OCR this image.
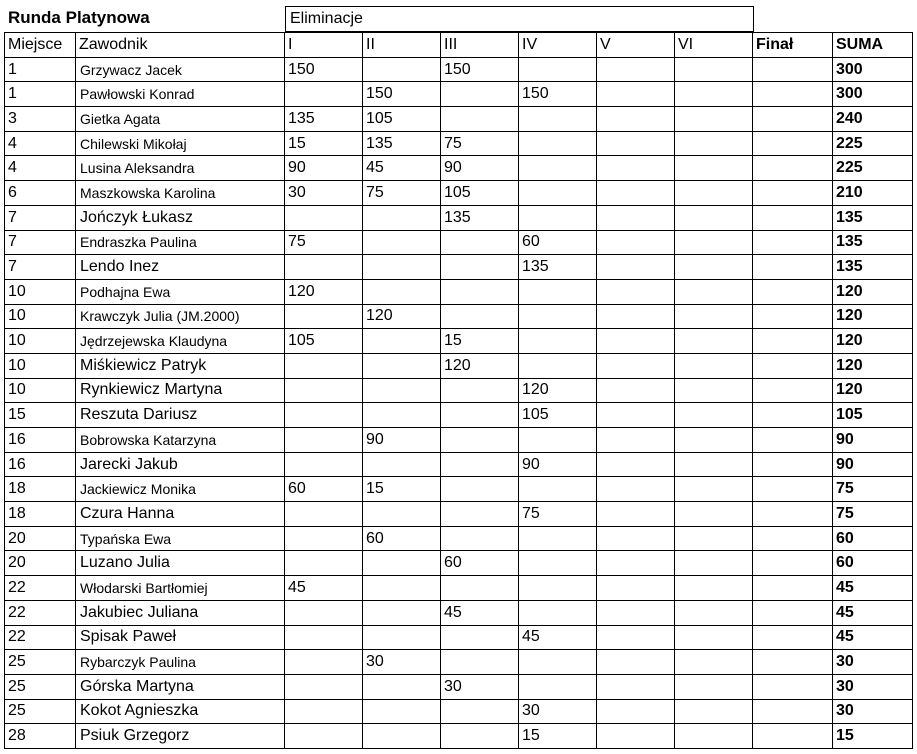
Runda Platynowa	Eliminacje
Miejsce	Zawodnik	I	II	III	IV	V	VI	Finał	SUMA
1	Grzywacz Jacek	150		150					300
1	Pawłowski Konrad		150		150				300
3	Gietka Agata	135	105						240
4	Chilewski Mikołaj	15	135	75					225
4	Lusina Aleksandra	90	45	90					225
6	Maszkowska Karolina	30	75	105					210
7	Jończyk Łukasz			135					135
7	Endraszka Paulina	75			60				135
7	Lendo Inez				135				135
10	Podhajna Ewa	120							120
10	Krawczyk Julia (JM.2000)		120						120
10	Jędrzejewska Klaudyna	105		15					120
10	Miśkiewicz Patryk			120					120
10	Rynkiewicz Martyna				120				120
15	Reszuta Dariusz				105				105
16	Bobrowska Katarzyna		90						90
16	Jarecki Jakub				90				90
18	Jackiewicz Monika	60	15						75
18	Czura Hanna				75				75
20	Typańska Ewa		60						60
20	Luzano Julia			60					60
22	Włodarski Bartłomiej	45							45
22	Jakubiec Juliana			45					45
22	Spisak Paweł				45				45
25	Rybarczyk Paulina		30						30
25	Górska Martyna			30					30
25	Kokot Agnieszka				30				30
28	Psiuk Grzegorz				15				15
